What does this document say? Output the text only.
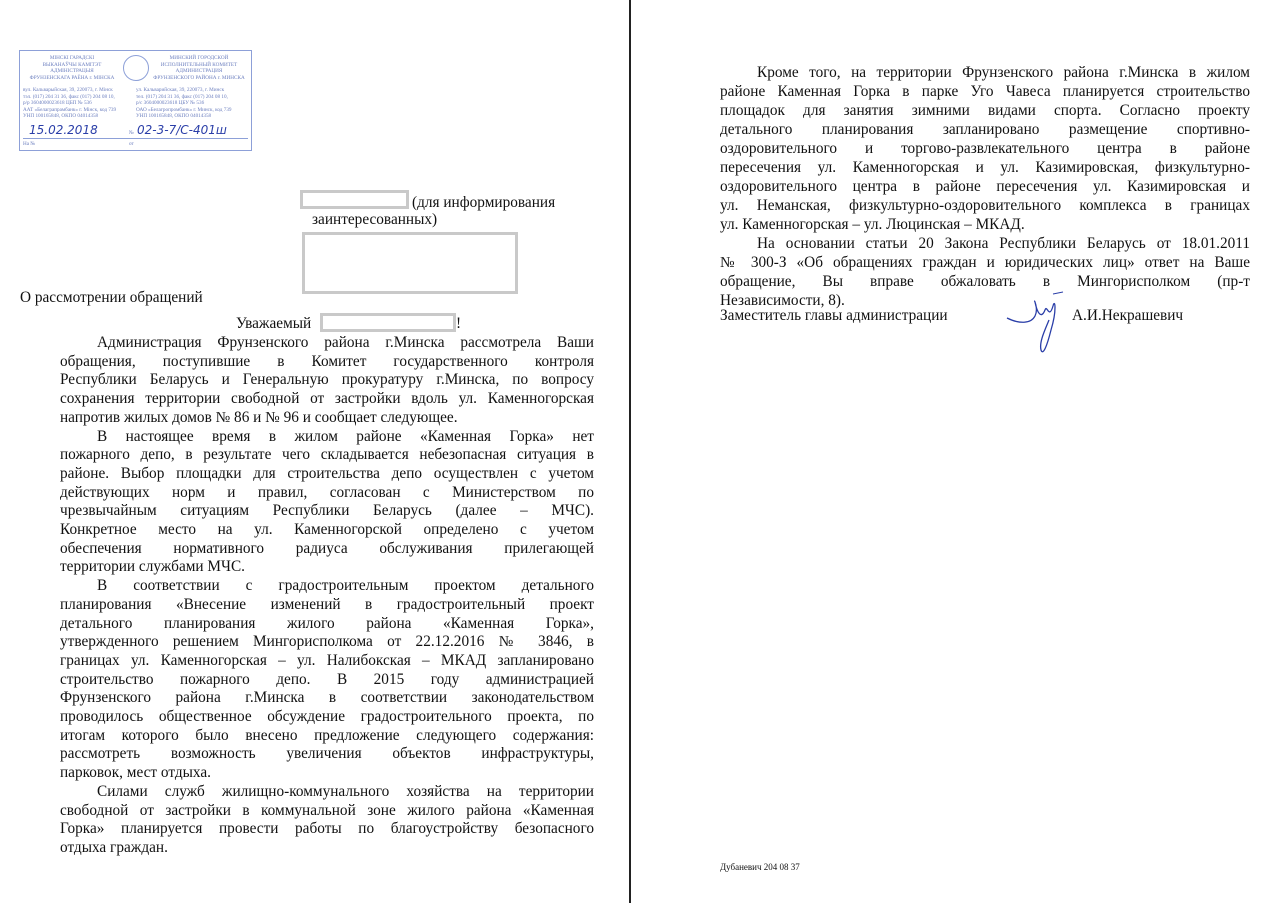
МІНСКІ ГАРАДСКІ
ВЫКАНАЎЧЫ КАМІТЭТ
АДМІНІСТРАЦЫЯ
ФРУНЗЕНСКАГА РАЁНА г. МІНСКА
МИНСКИЙ ГОРОДСКОЙ
ИСПОЛНИТЕЛЬНЫЙ КОМИТЕТ
АДМИНИСТРАЦИЯ
ФРУНЗЕНСКОГО РАЙОНА г. МИНСКА
вул. Кальварыйская, 39, 220073, г. Мінск
тэл. (017) 204 31 36, факс (017) 204 08 10,
р/р 3604000023618 ЦБП № 536
ААТ «Белаграпрамбанк» г. Мінск, код 739
УНП 100165848, ОКПО 04014358
ул. Кальварийская, 39, 220073, г. Минск
тел. (017) 204 31 36, факс (017) 204 08 10,
р/с 3604000023618 ЦБУ № 536
ОАО «Белагропромбанк» г. Минск, код 739
УНП 100165848, ОКПО 04014358
15.02.2018	№ 02-3-7/С-401ш
На №	от
(для информирования
заинтересованных)
О рассмотрении обращений
Уважаемый	!
Администрация Фрунзенского района г.Минска рассмотрела Ваши
обращения, поступившие в Комитет государственного контроля
Республики Беларусь и Генеральную прокуратуру г.Минска, по вопросу
сохранения территории свободной от застройки вдоль ул. Каменногорская
напротив жилых домов № 86 и № 96 и сообщает следующее.
В настоящее время в жилом районе «Каменная Горка» нет
пожарного депо, в результате чего складывается небезопасная ситуация в
районе. Выбор площадки для строительства депо осуществлен с учетом
действующих норм и правил, согласован с Министерством по
чрезвычайным ситуациям Республики Беларусь (далее – МЧС).
Конкретное место на ул. Каменногорской определено с учетом
обеспечения нормативного радиуса обслуживания прилегающей
территории службами МЧС.
В соответствии с градостроительным проектом детального
планирования «Внесение изменений в градостроительный проект
детального планирования жилого района «Каменная Горка»,
утвержденного решением Мингорисполкома от 22.12.2016 № 3846, в
границах ул. Каменногорская – ул. Налибокская – МКАД запланировано
строительство пожарного депо. В 2015 году администрацией
Фрунзенского района г.Минска в соответствии законодательством
проводилось общественное обсуждение градостроительного проекта, по
итогам которого было внесено предложение следующего содержания:
рассмотреть возможность увеличения объектов инфраструктуры,
парковок, мест отдыха.
Силами служб жилищно-коммунального хозяйства на территории
свободной от застройки в коммунальной зоне жилого района «Каменная
Горка» планируется провести работы по благоустройству безопасного
отдыха граждан.
Кроме того, на территории Фрунзенского района г.Минска в жилом
районе Каменная Горка в парке Уго Чавеса планируется строительство
площадок для занятия зимними видами спорта. Согласно проекту
детального планирования запланировано размещение спортивно-
оздоровительного и торгово-развлекательного центра в районе
пересечения ул. Каменногорская и ул. Казимировская, физкультурно-
оздоровительного центра в районе пересечения ул. Казимировская и
ул. Неманская, физкультурно-оздоровительного комплекса в границах
ул. Каменногорская – ул. Люцинская – МКАД.
На основании статьи 20 Закона Республики Беларусь от 18.01.2011
№ 300-З «Об обращениях граждан и юридических лиц» ответ на Ваше
обращение, Вы вправе обжаловать в Мингорисполком (пр-т
Независимости, 8).
Заместитель главы администрации	А.И.Некрашевич
Дубаневич 204 08 37
